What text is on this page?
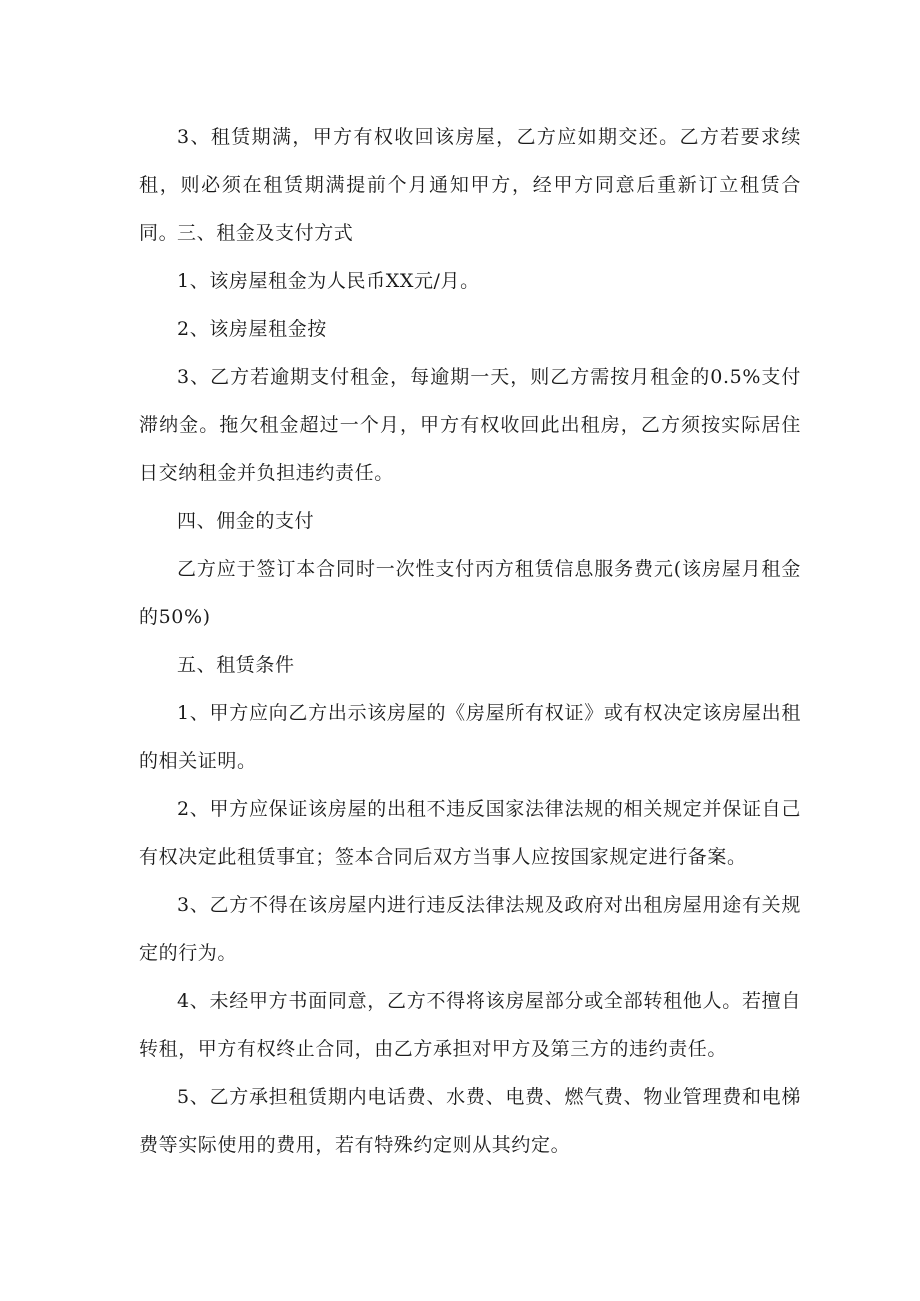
3、租赁期满，甲方有权收回该房屋，乙方应如期交还。乙方若要求续租，则必须在租赁期满提前个月通知甲方，经甲方同意后重新订立租赁合同。

三、租金及支付方式

1、该房屋租金为人民币XX元/月。

2、该房屋租金按

3、乙方若逾期支付租金，每逾期一天，则乙方需按月租金的0.5%支付滞纳金。拖欠租金超过一个月，甲方有权收回此出租房，乙方须按实际居住日交纳租金并负担违约责任。

四、佣金的支付

乙方应于签订本合同时一次性支付丙方租赁信息服务费元(该房屋月租金的50%)

五、租赁条件

1、甲方应向乙方出示该房屋的《房屋所有权证》或有权决定该房屋出租的相关证明。

2、甲方应保证该房屋的出租不违反国家法律法规的相关规定并保证自己有权决定此租赁事宜；签本合同后双方当事人应按国家规定进行备案。

3、乙方不得在该房屋内进行违反法律法规及政府对出租房屋用途有关规定的行为。

4、未经甲方书面同意，乙方不得将该房屋部分或全部转租他人。若擅自转租，甲方有权终止合同，由乙方承担对甲方及第三方的违约责任。

5、乙方承担租赁期内电话费、水费、电费、燃气费、物业管理费和电梯费等实际使用的费用，若有特殊约定则从其约定。
